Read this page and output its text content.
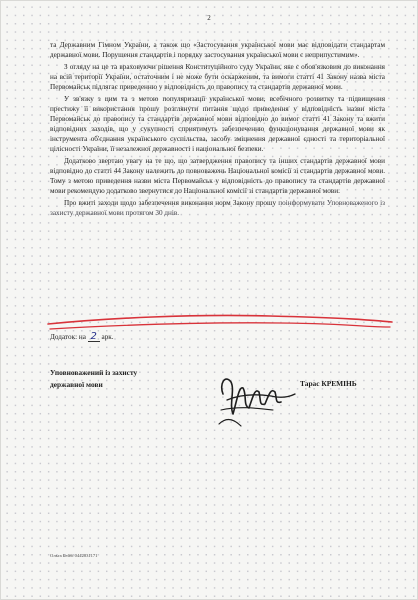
2

та Державним Гімном України, а також що «Застосування української мови має відповідати стандартам державної мови. Порушення стандартів і порядку застосування української мови є неприпустимим».

З огляду на це та враховуючи рішення Конституційного суду України, яке є обов'язковим до виконання на всій території України, остаточним і не може бути оскарженим, та вимоги статті 41 Закону назва міста Первомайськ підлягає приведенню у відповідність до правопису та стандартів державної мови.

У зв'язку з цим та з метою популяризації української мови, всебічного розвитку та підвищення престижу її використання прошу розглянути питання щодо приведення у відповідність назви міста Первомайськ до правопису та стандартів державної мови відповідно до вимог статті 41 Закону та вжити відповідних заходів, що у сукупності сприятимуть забезпеченню функціонування державної мови як інструмента об'єднання українського суспільства, засобу зміцнення державної єдності та територіальної цілісності України, її незалежної державності і національної безпеки.

Додатково звертаю увагу на те що, що затвердження правопису та інших стандартів державної мови відповідно до статті 44 Закону належить до повноважень Національної комісії зі стандартів державної мови. Тому з метою приведення назви міста Первомайськ у відповідність до правопису та стандартів державної мови рекомендую додатково звернутися до Національної комісії зі стандартів державної мови.

Про вжиті заходи щодо забезпечення виконання норм Закону прошу поінформувати Уповноваженого із захисту державної мови протягом 30 днів.

Додаток: на 2 арк.
Уповноважений із захисту
державної мови	Тарас КРЕМІНЬ
Ольга Бейбі 0442831171
